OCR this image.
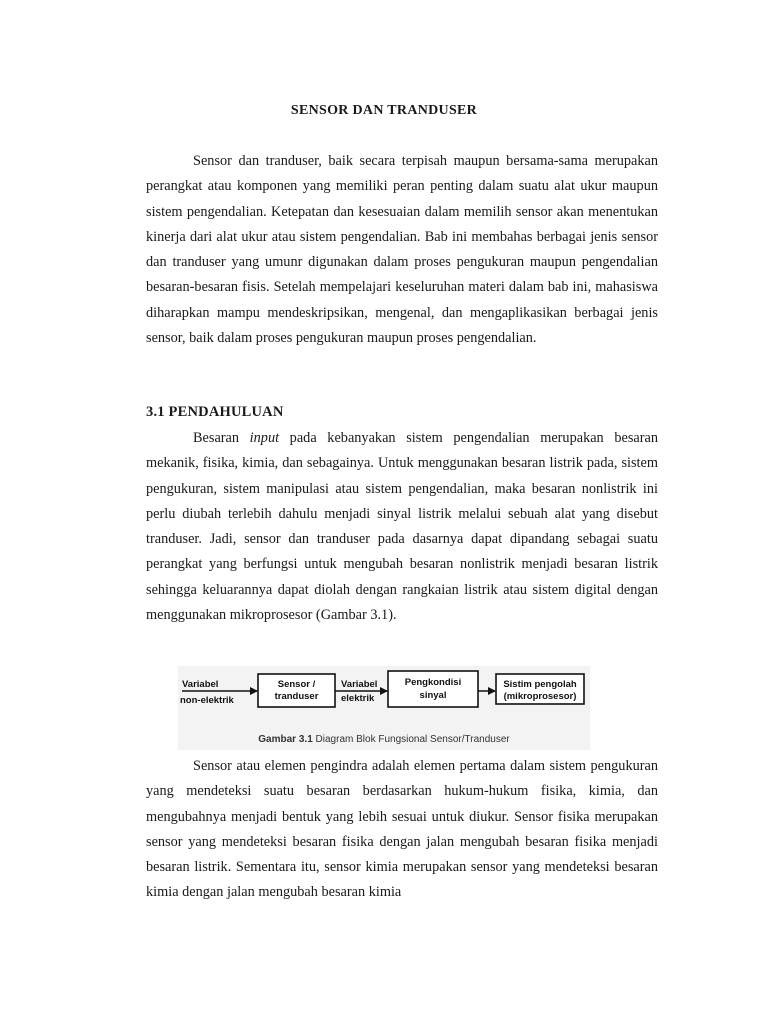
SENSOR DAN TRANDUSER

Sensor dan tranduser, baik secara terpisah maupun bersama-sama merupakan perangkat atau komponen yang memiliki peran penting dalam suatu alat ukur maupun sistem pengendalian. Ketepatan dan kesesuaian dalam memilih sensor akan menentukan kinerja dari alat ukur atau sistem pengendalian. Bab ini membahas berbagai jenis sensor dan tranduser yang umunr digunakan dalam proses pengukuran maupun pengendalian besaran-besaran fisis. Setelah mempelajari keseluruhan materi dalam bab ini, mahasiswa diharapkan mampu mendeskripsikan, mengenal, dan mengaplikasikan berbagai jenis sensor, baik dalam proses pengukuran maupun proses pengendalian.

3.1 PENDAHULUAN

Besaran input pada kebanyakan sistem pengendalian merupakan besaran mekanik, fisika, kimia, dan sebagainya. Untuk menggunakan besaran listrik pada, sistem pengukuran, sistem manipulasi atau sistem pengendalian, maka besaran nonlistrik ini perlu diubah terlebih dahulu menjadi sinyal listrik melalui sebuah alat yang disebut tranduser. Jadi, sensor dan tranduser pada dasarnya dapat dipandang sebagai suatu perangkat yang berfungsi untuk mengubah besaran nonlistrik menjadi besaran listrik sehingga keluarannya dapat diolah dengan rangkaian listrik atau sistem digital dengan menggunakan mikroprosesor (Gambar 3.1).

Variabel
non-elektrik
Sensor /
tranduser
Variabel
elektrik
Pengkondisi
sinyal
Sistim pengolah
(mikroprosesor)
Gambar 3.1 Diagram Blok Fungsional Sensor/Tranduser

Sensor atau elemen pengindra adalah elemen pertama dalam sistem pengukuran yang mendeteksi suatu besaran berdasarkan hukum-hukum fisika, kimia, dan mengubahnya menjadi bentuk yang lebih sesuai untuk diukur. Sensor fisika merupakan sensor yang mendeteksi besaran fisika dengan jalan mengubah besaran fisika menjadi besaran listrik. Sementara itu, sensor kimia merupakan sensor yang mendeteksi besaran kimia dengan jalan mengubah besaran kimia
